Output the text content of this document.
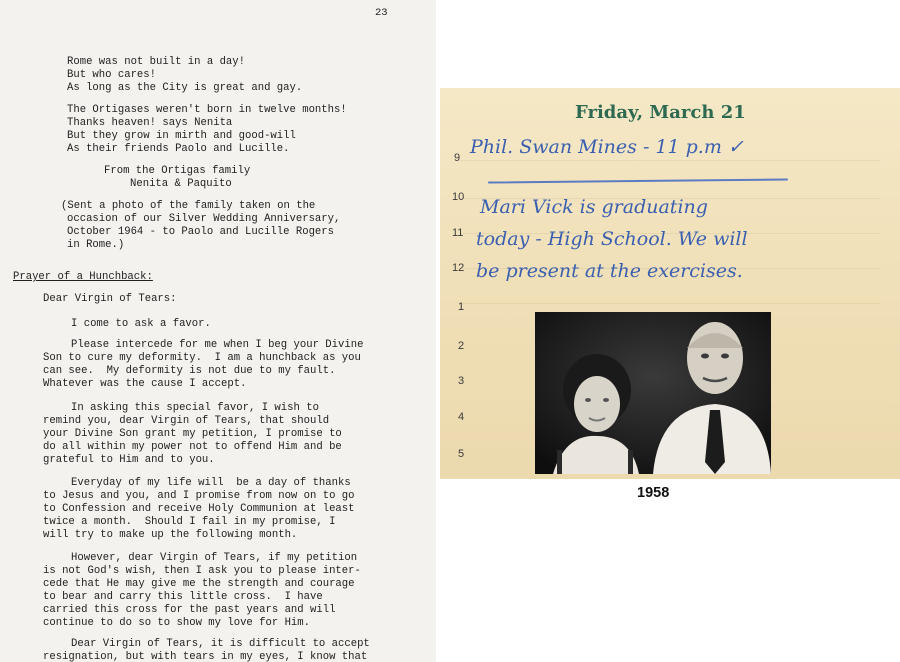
23
Rome was not built in a day!
But who cares!
As long as the City is great and gay.
The Ortigases weren't born in twelve months!
Thanks heaven! says Nenita
But they grow in mirth and good-will
As their friends Paolo and Lucille.
From the Ortigas family
Nenita & Paquito
(Sent a photo of the family taken on the
occasion of our Silver Wedding Anniversary,
October 1964 - to Paolo and Lucille Rogers
in Rome.)
Prayer of a Hunchback:
Dear Virgin of Tears:
I come to ask a favor.
Please intercede for me when I beg your Divine
Son to cure my deformity.  I am a hunchback as you
can see.  My deformity is not due to my fault.
Whatever was the cause I accept.
In asking this special favor, I wish to
remind you, dear Virgin of Tears, that should
your Divine Son grant my petition, I promise to
do all within my power not to offend Him and be
grateful to Him and to you.
Everyday of my life will  be a day of thanks
to Jesus and you, and I promise from now on to go
to Confession and receive Holy Communion at least
twice a month.  Should I fail in my promise, I
will try to make up the following month.
However, dear Virgin of Tears, if my petition
is not God's wish, then I ask you to please inter-
cede that He may give me the strength and courage
to bear and carry this little cross.  I have
carried this cross for the past years and will
continue to do so to show my love for Him.
Dear Virgin of Tears, it is difficult to accept
resignation, but with tears in my eyes, I know that
Friday, March 21
9
10
11
12
1
2
3
4
5
Phil. Swan Mines - 11 p.m ✓
Mari Vick is graduating
today - High School. We will
be present at the exercises.
1958
